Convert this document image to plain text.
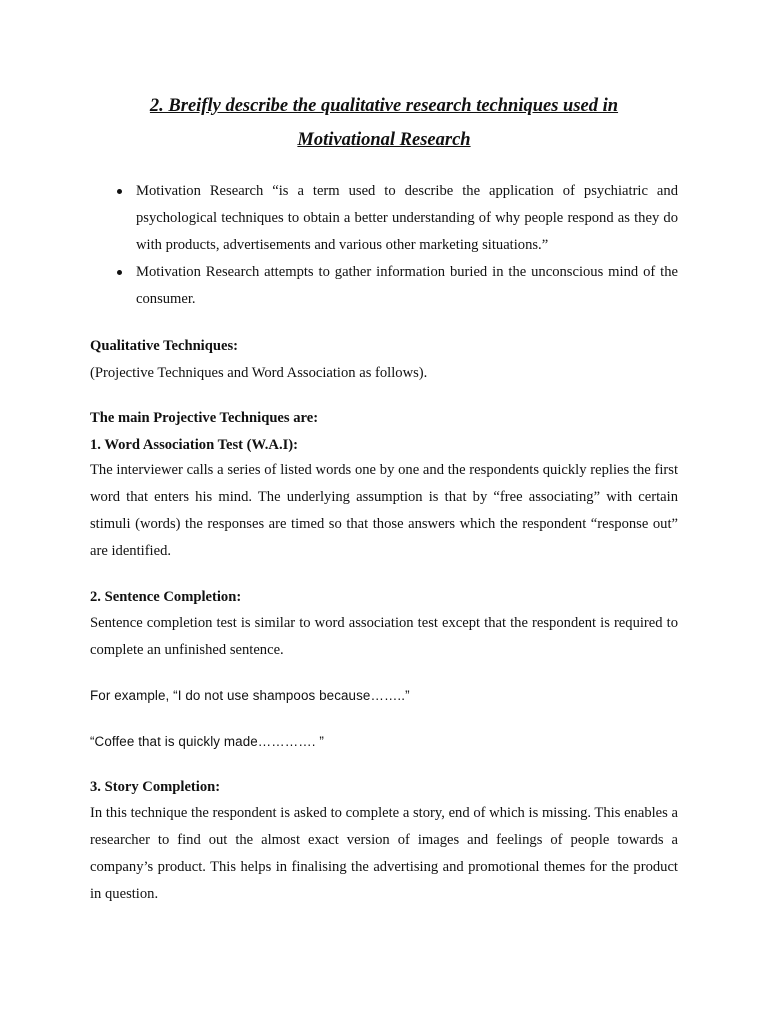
2. Breifly describe the qualitative research techniques used in
Motivational Research
Motivation Research “is a term used to describe the application of psychiatric and psychological techniques to obtain a better understanding of why people respond as they do with products, advertisements and various other marketing situations.”
Motivation Research attempts to gather information buried in the unconscious mind of the consumer.

Qualitative Techniques:

(Projective Techniques and Word Association as follows).

The main Projective Techniques are:

1. Word Association Test (W.A.I):

The interviewer calls a series of listed words one by one and the respondents quickly replies the first word that enters his mind. The underlying assumption is that by “free associating” with certain stimuli (words) the responses are timed so that those answers which the respondent “response out” are identified.

2. Sentence Completion:

Sentence completion test is similar to word association test except that the respondent is required to complete an unfinished sentence.

For example, “I do not use shampoos because……..”

“Coffee that is quickly made…………. ”

3. Story Completion:

In this technique the respondent is asked to complete a story, end of which is missing. This enables a researcher to find out the almost exact version of images and feelings of people towards a company’s product. This helps in finalising the advertising and promotional themes for the product in question.
